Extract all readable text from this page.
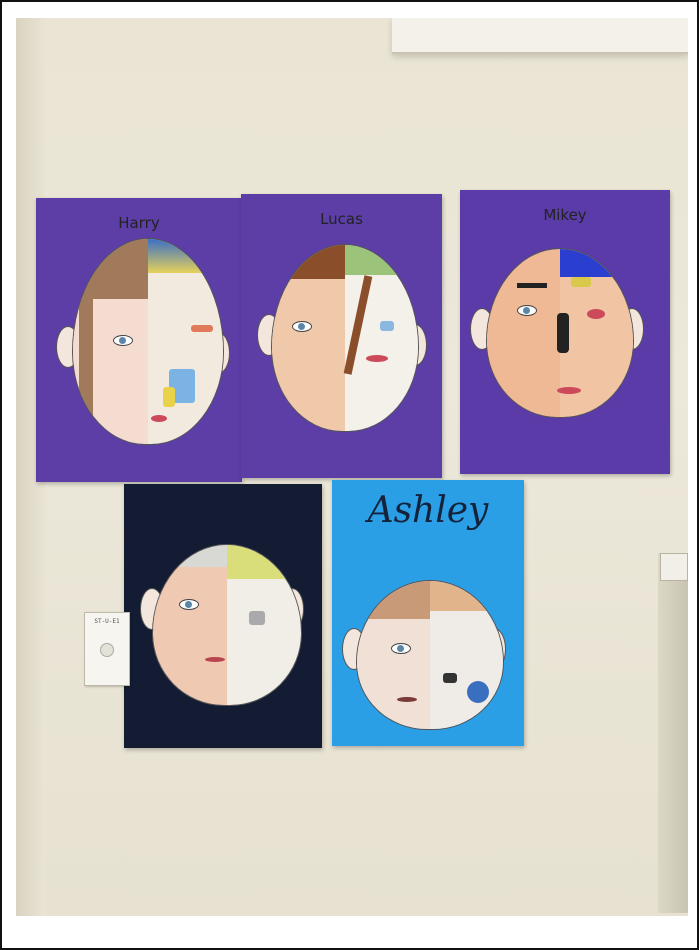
Harry	Lucas	Mikey
Ashley
ST-U-E1
